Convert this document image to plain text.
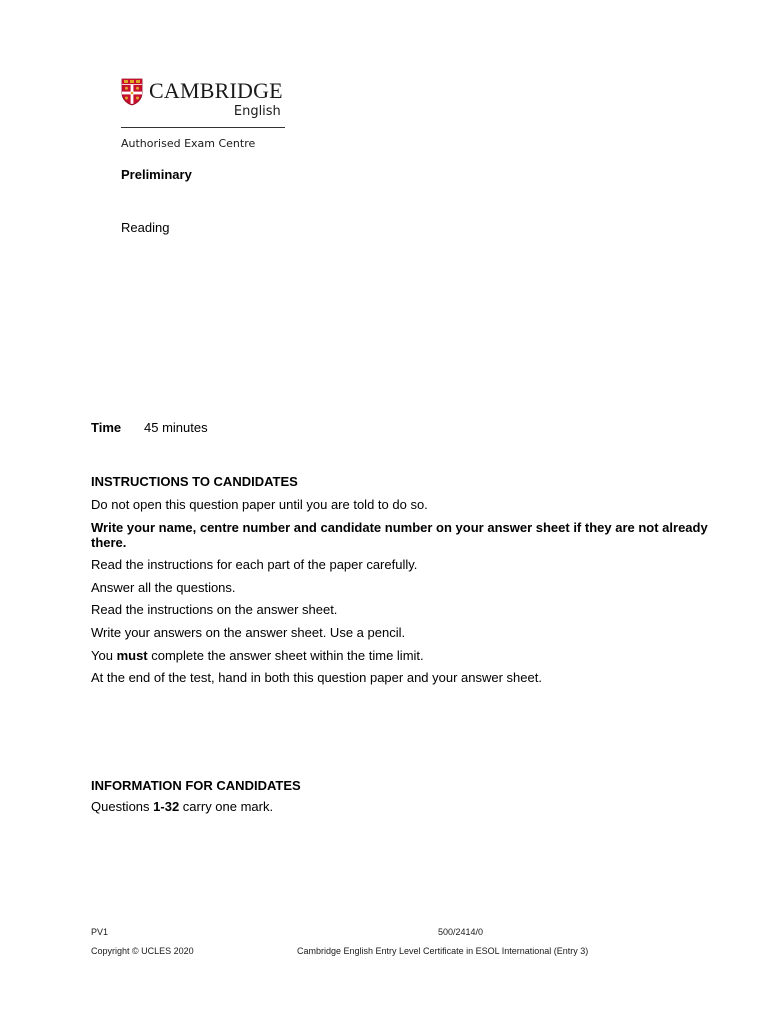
CAMBRIDGE
English
Authorised Exam Centre
Preliminary
Reading
Time 45 minutes
INSTRUCTIONS TO CANDIDATES

Do not open this question paper until you are told to do so.

Write your name, centre number and candidate number on your answer sheet if they are not already there.

Read the instructions for each part of the paper carefully.

Answer all the questions.

Read the instructions on the answer sheet.

Write your answers on the answer sheet. Use a pencil.

You must complete the answer sheet within the time limit.

At the end of the test, hand in both this question paper and your answer sheet.

INFORMATION FOR CANDIDATES

Questions 1-32 carry one mark.

PV1	500/2414/0
Copyright © UCLES 2020	Cambridge English Entry Level Certificate in ESOL International (Entry 3)
